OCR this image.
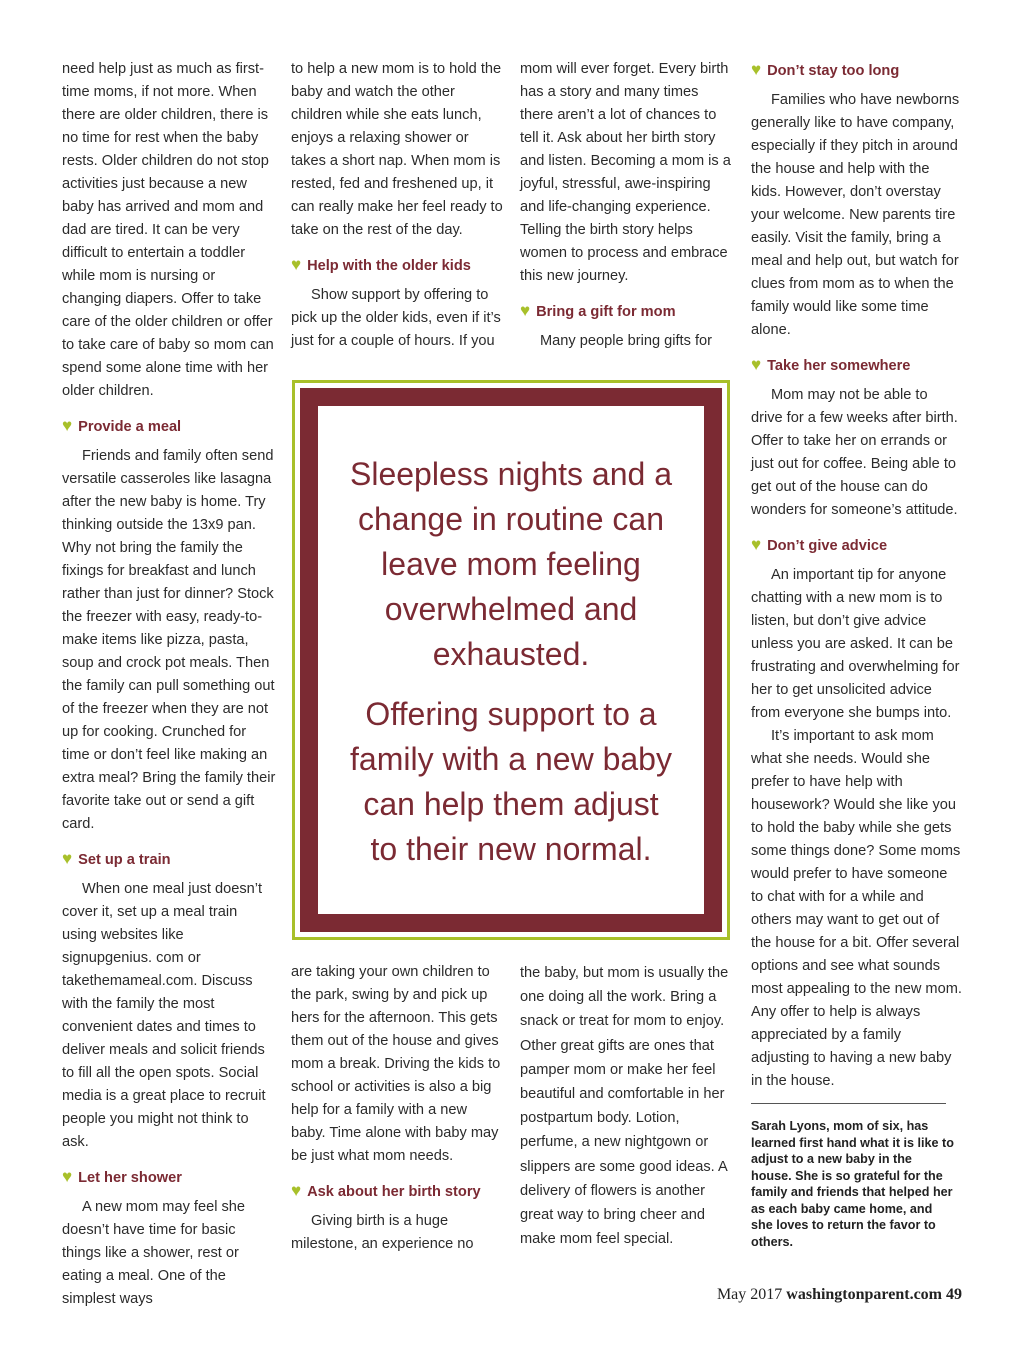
need help just as much as first-time moms, if not more. When there are older children, there is no time for rest when the baby rests. Older children do not stop activities just because a new baby has arrived and mom and dad are tired. It can be very difficult to entertain a toddler while mom is nursing or changing diapers. Offer to take care of the older children or offer to take care of baby so mom can spend some alone time with her older children.

♥ Provide a meal

Friends and family often send versatile casseroles like lasagna after the new baby is home. Try thinking outside the 13x9 pan. Why not bring the family the fixings for breakfast and lunch rather than just for dinner? Stock the freezer with easy, ready-to-make items like pizza, pasta, soup and crock pot meals. Then the family can pull something out of the freezer when they are not up for cooking. Crunched for time or don’t feel like making an extra meal? Bring the family their favorite take out or send a gift card.

♥ Set up a train

When one meal just doesn’t cover it, set up a meal train using websites like signupgenius. com or takethemameal.com. Discuss with the family the most convenient dates and times to deliver meals and solicit friends to fill all the open spots. Social media is a great place to recruit people you might not think to ask.

♥ Let her shower

A new mom may feel she doesn’t have time for basic things like a shower, rest or eating a meal. One of the simplest ways

to help a new mom is to hold the baby and watch the other children while she eats lunch, enjoys a relaxing shower or takes a short nap. When mom is rested, fed and freshened up, it can really make her feel ready to take on the rest of the day.

♥ Help with the older kids

Show support by offering to pick up the older kids, even if it’s just for a couple of hours. If you

mom will ever forget. Every birth has a story and many times there aren’t a lot of chances to tell it. Ask about her birth story and listen. Becoming a mom is a joyful, stressful, awe-inspiring and life-changing experience. Telling the birth story helps women to process and embrace this new journey.

♥ Bring a gift for mom

Many people bring gifts for

Sleepless nights and a change in routine can leave mom feeling overwhelmed and exhausted.

Offering support to a family with a new baby can help them adjust to their new normal.

are taking your own children to the park, swing by and pick up hers for the afternoon. This gets them out of the house and gives mom a break. Driving the kids to school or activities is also a big help for a family with a new baby. Time alone with baby may be just what mom needs.

♥ Ask about her birth story

Giving birth is a huge milestone, an experience no

the baby, but mom is usually the one doing all the work. Bring a snack or treat for mom to enjoy. Other great gifts are ones that pamper mom or make her feel beautiful and comfortable in her postpartum body. Lotion, perfume, a new nightgown or slippers are some good ideas. A delivery of flowers is another great way to bring cheer and make mom feel special.

♥ Don’t stay too long

Families who have newborns generally like to have company, especially if they pitch in around the house and help with the kids. However, don’t overstay your welcome. New parents tire easily. Visit the family, bring a meal and help out, but watch for clues from mom as to when the family would like some time alone.

♥ Take her somewhere

Mom may not be able to drive for a few weeks after birth. Offer to take her on errands or just out for coffee. Being able to get out of the house can do wonders for someone’s attitude.

♥ Don’t give advice

An important tip for anyone chatting with a new mom is to listen, but don’t give advice unless you are asked. It can be frustrating and overwhelming for her to get unsolicited advice from everyone she bumps into.

It’s important to ask mom what she needs. Would she prefer to have help with housework? Would she like you to hold the baby while she gets some things done? Some moms would prefer to have someone to chat with for a while and others may want to get out of the house for a bit. Offer several options and see what sounds most appealing to the new mom. Any offer to help is always appreciated by a family adjusting to having a new baby in the house.

Sarah Lyons, mom of six, has learned first hand what it is like to adjust to a new baby in the house. She is so grateful for the family and friends that helped her as each baby came home, and she loves to return the favor to others.
May 2017 washingtonparent.com 49
